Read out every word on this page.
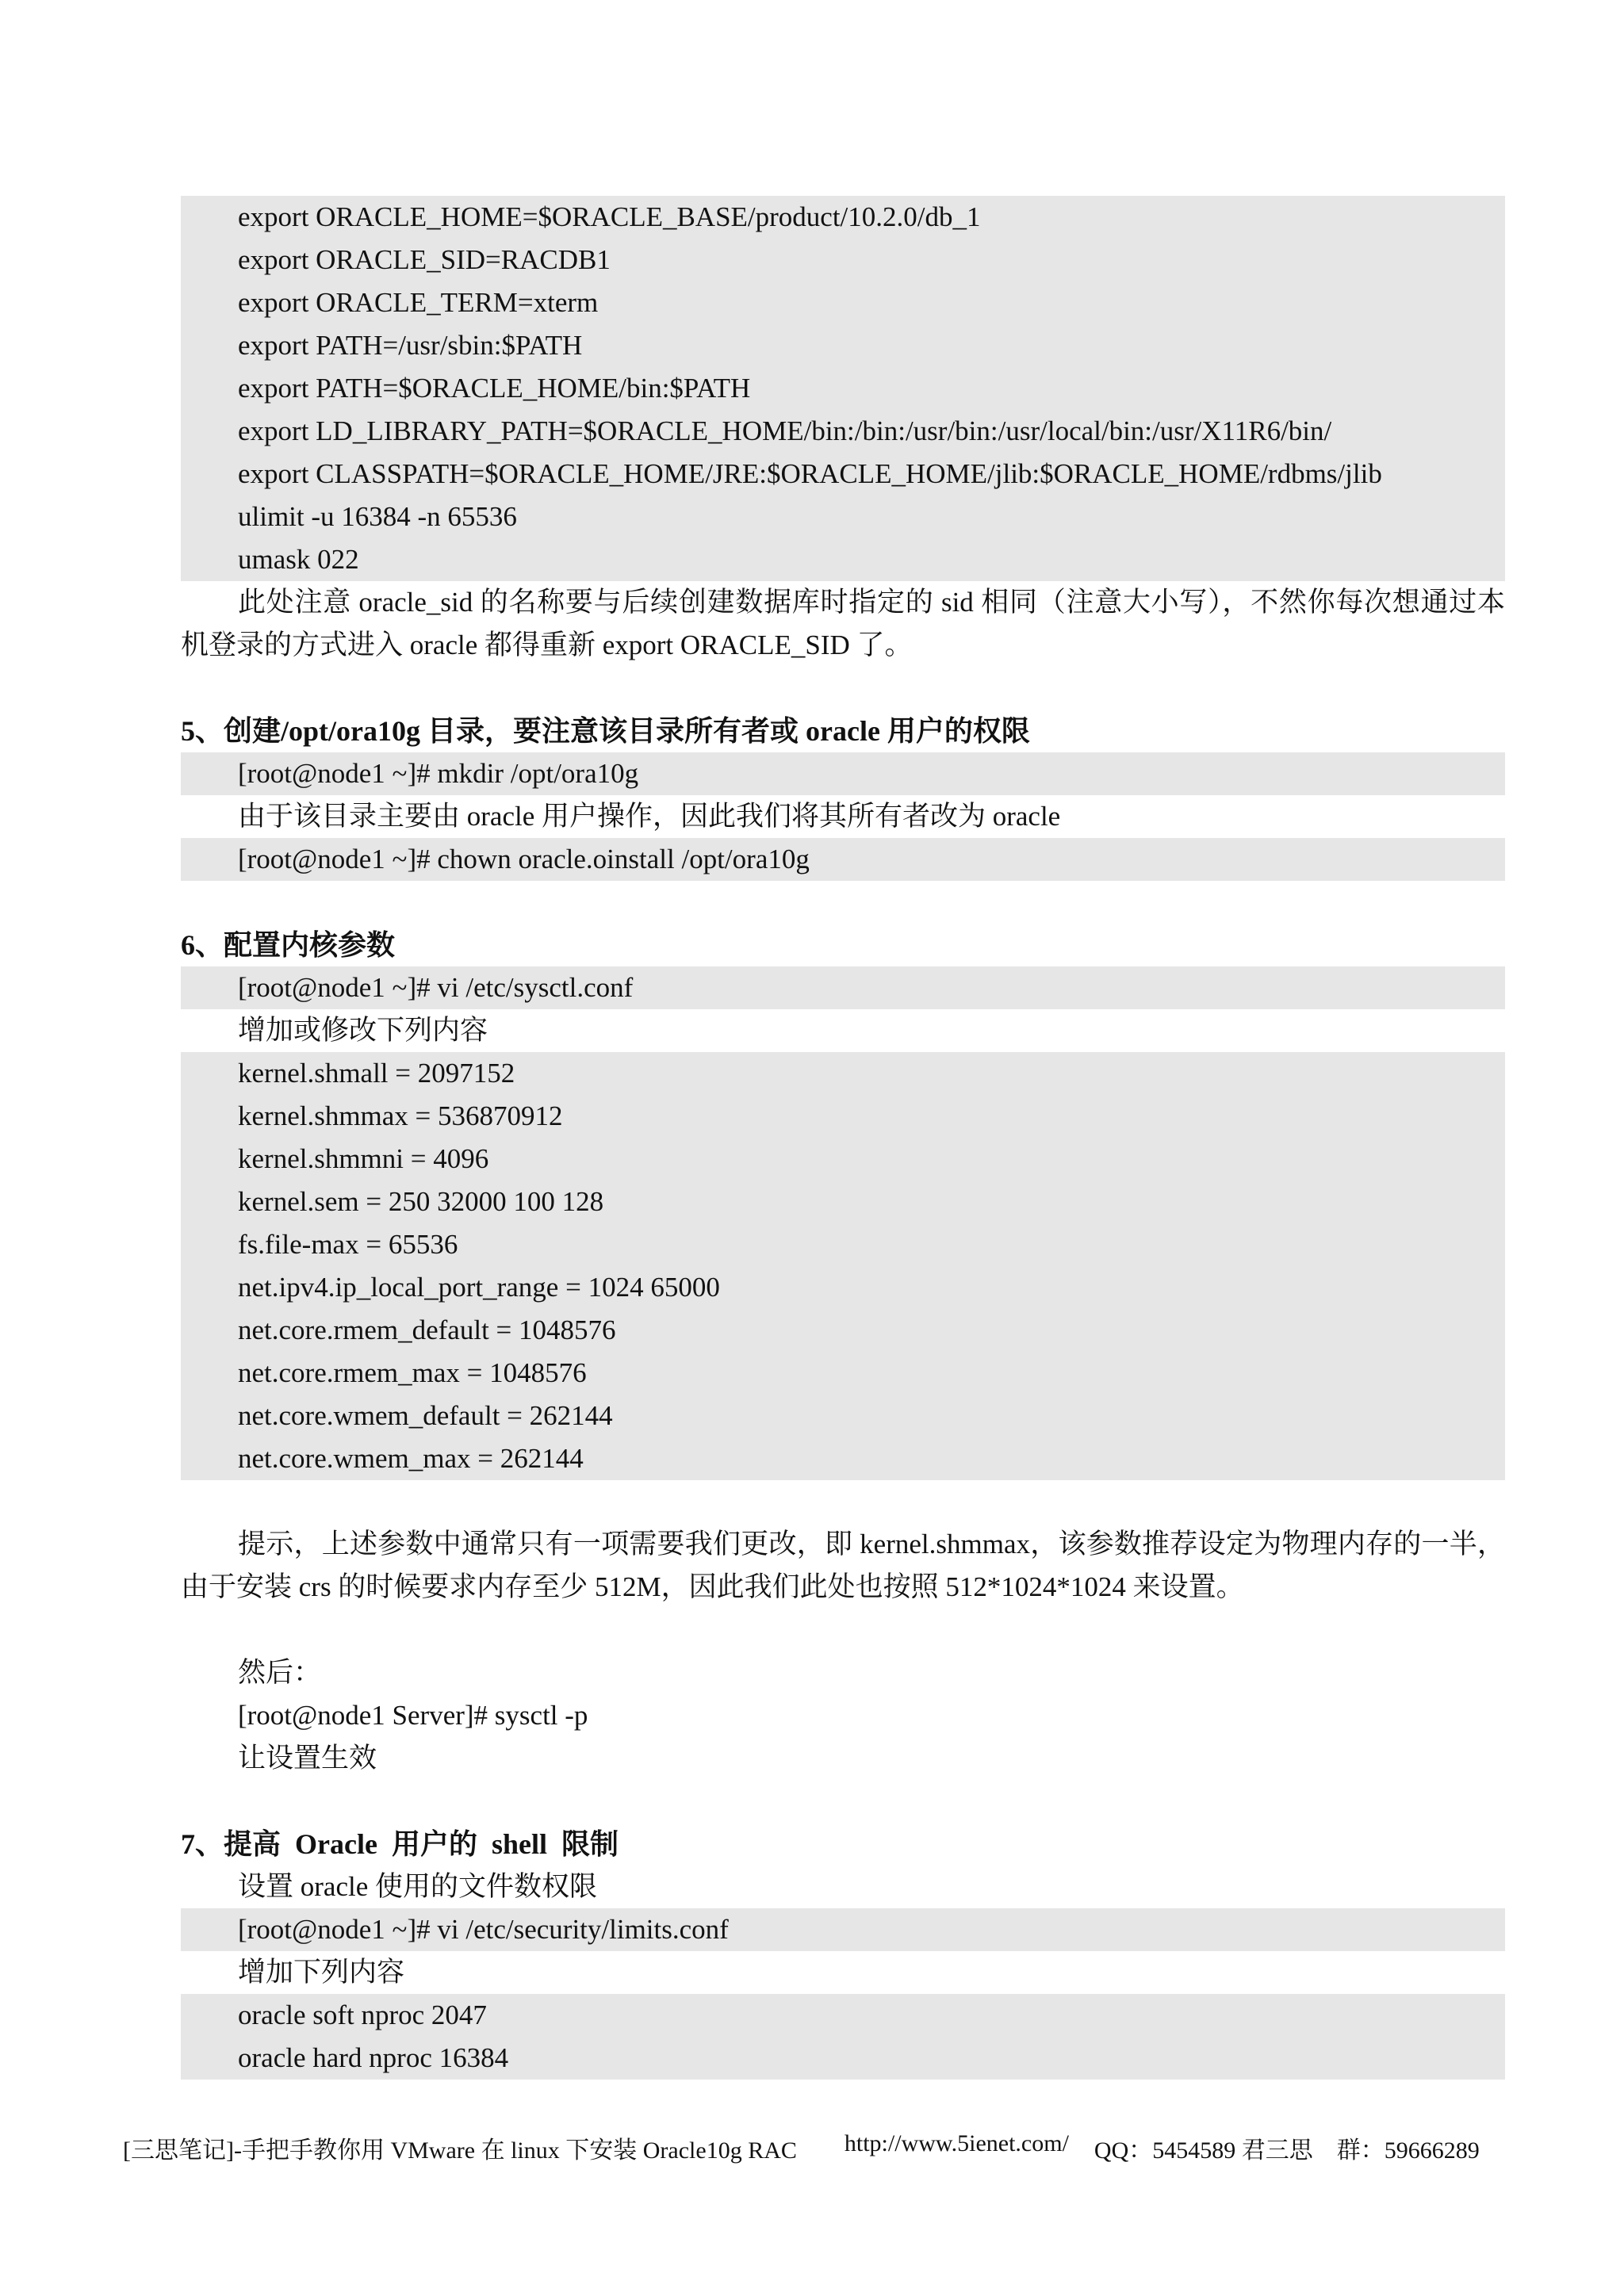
export ORACLE_HOME=$ORACLE_BASE/product/10.2.0/db_1
export ORACLE_SID=RACDB1
export ORACLE_TERM=xterm
export PATH=/usr/sbin:$PATH
export PATH=$ORACLE_HOME/bin:$PATH
export LD_LIBRARY_PATH=$ORACLE_HOME/bin:/bin:/usr/bin:/usr/local/bin:/usr/X11R6/bin/
export CLASSPATH=$ORACLE_HOME/JRE:$ORACLE_HOME/jlib:$ORACLE_HOME/rdbms/jlib
ulimit -u 16384 -n 65536
umask 022
此处注意 oracle_sid 的名称要与后续创建数据库时指定的 sid 相同（注意大小写），不然你每次想通过本机登录的方式进入 oracle 都得重新 export ORACLE_SID 了。
5、创建/opt/ora10g 目录，要注意该目录所有者或 oracle 用户的权限
[root@node1 ~]# mkdir /opt/ora10g
由于该目录主要由 oracle 用户操作，因此我们将其所有者改为 oracle
[root@node1 ~]# chown oracle.oinstall /opt/ora10g
6、配置内核参数
[root@node1 ~]# vi /etc/sysctl.conf
增加或修改下列内容
kernel.shmall = 2097152
kernel.shmmax = 536870912
kernel.shmmni = 4096
kernel.sem = 250 32000 100 128
fs.file-max = 65536
net.ipv4.ip_local_port_range = 1024 65000
net.core.rmem_default = 1048576
net.core.rmem_max = 1048576
net.core.wmem_default = 262144
net.core.wmem_max = 262144
提示，上述参数中通常只有一项需要我们更改，即 kernel.shmmax，该参数推荐设定为物理内存的一半，由于安装 crs 的时候要求内存至少 512M，因此我们此处也按照 512*1024*1024 来设置。
然后：
[root@node1 Server]# sysctl -p
让设置生效
7、提高  Oracle  用户的  shell  限制
设置 oracle 使用的文件数权限
[root@node1 ~]# vi /etc/security/limits.conf
增加下列内容
oracle soft nproc 2047
oracle hard nproc 16384
[三思笔记]-手把手教你用 VMware 在 linux 下安装 Oracle10g RAC http://www.5ienet.com/ QQ：5454589 君三思 群：59666289
